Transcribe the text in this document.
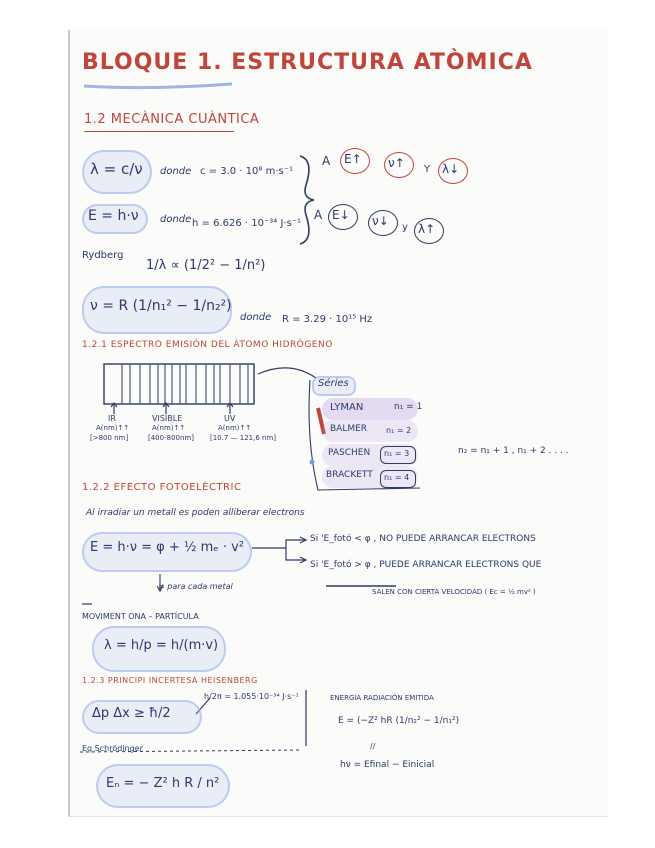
BLOQUE 1. ESTRUCTURA ATÒMICA
1.2 MECÀNICA CUÀNTICA
λ = c/ν donde c = 3.0 · 10⁸ m·s⁻¹
E = h·ν donde h = 6.626 · 10⁻³⁴ J·s⁻¹
A E↑ ν↑ Y λ↓
A E↓ ν↓ y λ↑
Rydberg
1/λ ∝ (1/2² − 1/n²)
ν = R (1/n₁² − 1/n₂²)
donde R = 3.29 · 10¹⁵ Hz
1.2.1 ESPECTRO EMISIÓN DEL ÀTOMO HIDRÒGENO
IR
A(nm)↑↑
[>800 nm]
VISIBLE
A(nm)↑↑
[400-800nm]
UV
A(nm)↑↑
[10.7 — 121,6 nm]
Séries
LYMAN	n₁ = 1
BALMER n₁ = 2
PASCHEN n₁ = 3
BRACKETT n₁ = 4
n₂ = n₁ + 1 , n₁ + 2 . . . .
1.2.2 EFECTO FOTOELÈCTRIC
Al irradiar un metall es poden alliberar electrons
E = h·ν = φ + ½ mₑ · v²
Si 'E_fotó < φ , NO PUEDE ARRANCAR ELECTRONS
Si 'E_fotó > φ , PUEDE ARRANCAR ELECTRONS QUE
SALEN CON CIERTA VELOCIDAD ( Ec = ½ mv² )
≠ para cada metal
MOVIMENT ONA – PARTÍCULA
λ = h/p = h/(m·v)
1.2.3 PRINCIPI INCERTESA HEISENBERG
Δp Δx ≥ ħ/2
h/2π = 1.055·10⁻³⁴ J·s⁻¹	ENERGIA RADIACIÓN EMITIDA
E = (−Z² hR (1/n₂² − 1/n₁²)
//
hν = Efinal − Einicial
Eq Schrödinger
Eₙ = − Z² h R / n²
